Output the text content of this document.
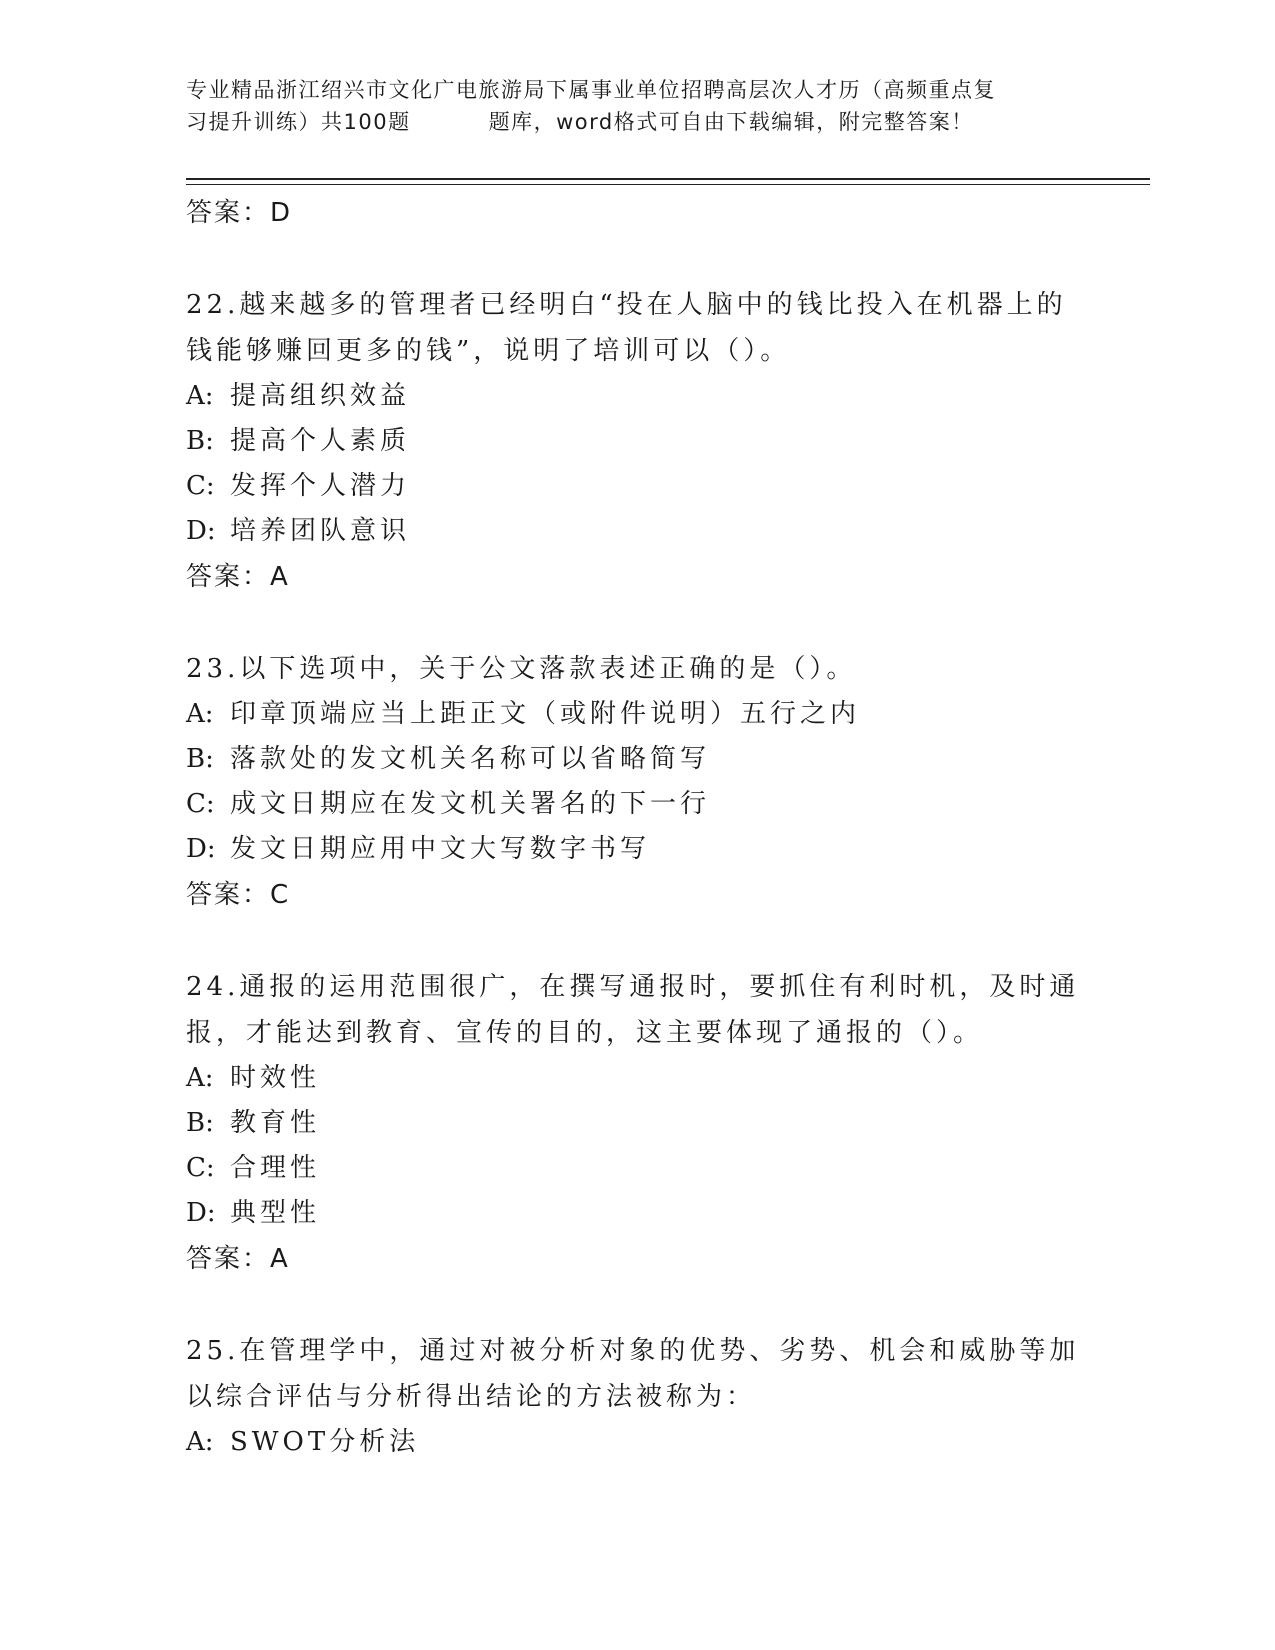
专业精品浙江绍兴市文化广电旅游局下属事业单位招聘高层次人才历（高频重点复
习提升训练）共100题	题库，word格式可自由下载编辑，附完整答案！

答案：D

22.越来越多的管理者已经明白“投在人脑中的钱比投入在机器上的钱能够赚回更多的钱”，说明了培训可以（）。

A: 提高组织效益

B: 提高个人素质

C: 发挥个人潜力

D: 培养团队意识

答案：A

23.以下选项中，关于公文落款表述正确的是（）。

A: 印章顶端应当上距正文（或附件说明）五行之内

B: 落款处的发文机关名称可以省略简写

C: 成文日期应在发文机关署名的下一行

D: 发文日期应用中文大写数字书写

答案：C

24.通报的运用范围很广，在撰写通报时，要抓住有利时机，及时通报，才能达到教育、宣传的目的，这主要体现了通报的（）。

A: 时效性

B: 教育性

C: 合理性

D: 典型性

答案：A

25.在管理学中，通过对被分析对象的优势、劣势、机会和威胁等加以综合评估与分析得出结论的方法被称为：

A: SWOT分析法
